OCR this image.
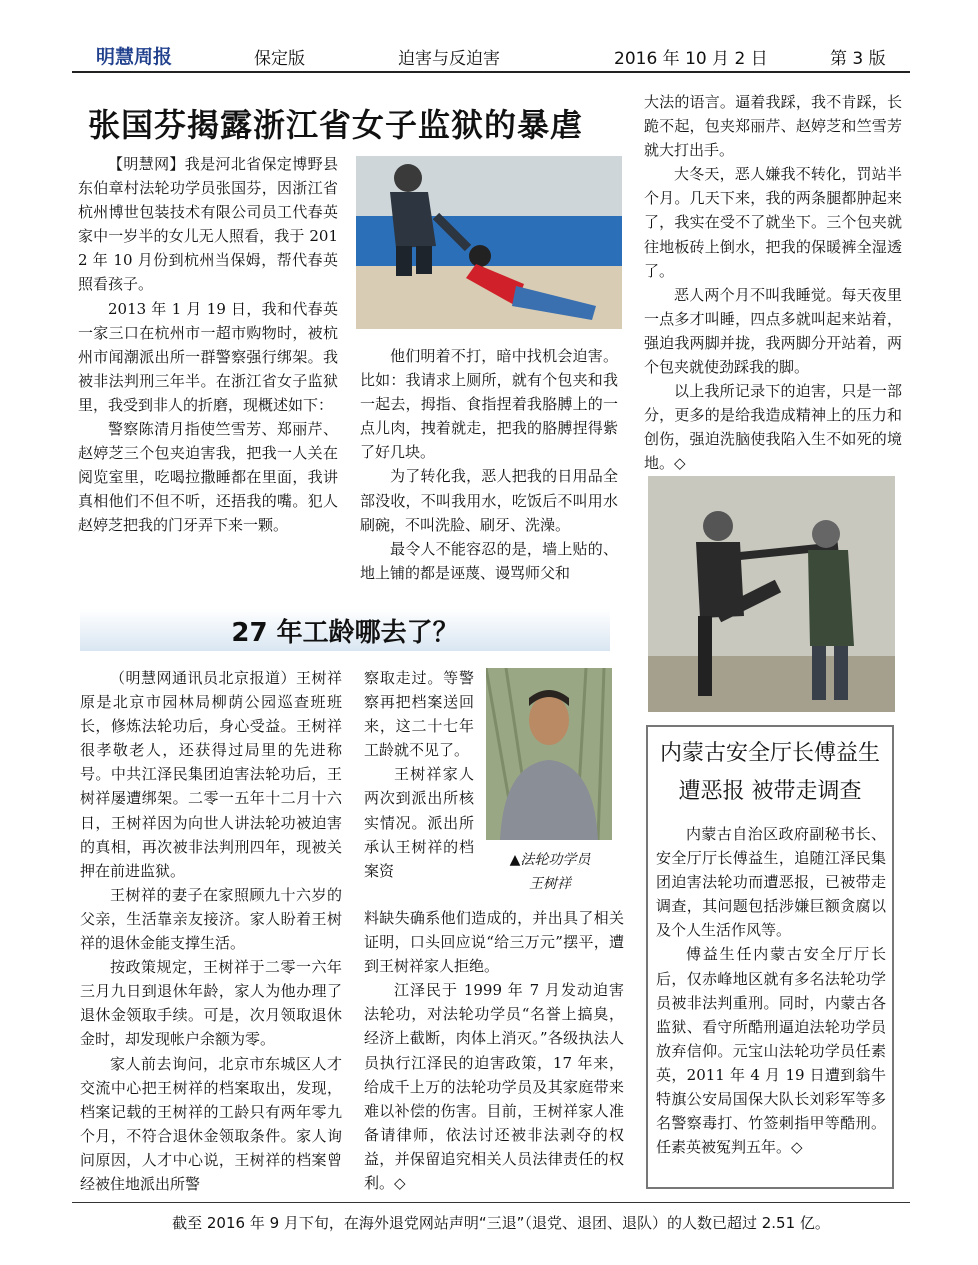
明慧周报	保定版	迫害与反迫害	2016 年 10 月 2 日	第 3 版
张国芬揭露浙江省女子监狱的暴虐

【明慧网】我是河北省保定博野县东伯章村法轮功学员张国芬，因浙江省杭州博世包装技术有限公司员工代春英家中一岁半的女儿无人照看，我于 2012 年 10 月份到杭州当保姆，帮代春英照看孩子。

2013 年 1 月 19 日，我和代春英一家三口在杭州市一超市购物时，被杭州市闻潮派出所一群警察强行绑架。我被非法判刑三年半。在浙江省女子监狱里，我受到非人的折磨，现概述如下：

警察陈清月指使竺雪芳、郑丽芹、赵婷芝三个包夹迫害我，把我一人关在阅览室里，吃喝拉撒睡都在里面，我讲真相他们不但不听，还捂我的嘴。犯人赵婷芝把我的门牙弄下来一颗。

他们明着不打，暗中找机会迫害。比如：我请求上厕所，就有个包夹和我一起去，拇指、食指捏着我胳膊上的一点儿肉，拽着就走，把我的胳膊捏得紫了好几块。

为了转化我，恶人把我的日用品全部没收，不叫我用水，吃饭后不叫用水刷碗，不叫洗脸、刷牙、洗澡。

最令人不能容忍的是，墙上贴的、地上铺的都是诬蔑、谩骂师父和

大法的语言。逼着我踩，我不肯踩，长跪不起，包夹郑丽芹、赵婷芝和竺雪芳就大打出手。

大冬天，恶人嫌我不转化，罚站半个月。几天下来，我的两条腿都肿起来了，我实在受不了就坐下。三个包夹就往地板砖上倒水，把我的保暖裤全湿透了。

恶人两个月不叫我睡觉。每天夜里一点多才叫睡，四点多就叫起来站着，强迫我两脚并拢，我两脚分开站着，两个包夹就使劲踩我的脚。

以上我所记录下的迫害，只是一部分，更多的是给我造成精神上的压力和创伤，强迫洗脑使我陷入生不如死的境地。◇

27 年工龄哪去了？

（明慧网通讯员北京报道）王树祥原是北京市园林局柳荫公园巡查班班长，修炼法轮功后，身心受益。王树祥很孝敬老人，还获得过局里的先进称号。中共江泽民集团迫害法轮功后，王树祥屡遭绑架。二零一五年十二月十六日，王树祥因为向世人讲法轮功被迫害的真相，再次被非法判刑四年，现被关押在前进监狱。

王树祥的妻子在家照顾九十六岁的父亲，生活靠亲友接济。家人盼着王树祥的退休金能支撑生活。

按政策规定，王树祥于二零一六年三月九日到退休年龄，家人为他办理了退休金领取手续。可是，次月领取退休金时，却发现帐户余额为零。

家人前去询问，北京市东城区人才交流中心把王树祥的档案取出，发现，档案记载的王树祥的工龄只有两年零九个月，不符合退休金领取条件。家人询问原因，人才中心说，王树祥的档案曾经被住地派出所警

察取走过。等警察再把档案送回来，这二十七年工龄就不见了。

王树祥家人两次到派出所核实情况。派出所承认王树祥的档案资

▲法轮功学员
王树祥

料缺失确系他们造成的，并出具了相关证明，口头回应说“给三万元”摆平，遭到王树祥家人拒绝。

江泽民于 1999 年 7 月发动迫害法轮功，对法轮功学员“名誉上搞臭，经济上截断，肉体上消灭。”各级执法人员执行江泽民的迫害政策，17 年来，给成千上万的法轮功学员及其家庭带来难以补偿的伤害。目前，王树祥家人准备请律师，依法讨还被非法剥夺的权益，并保留追究相关人员法律责任的权利。◇

内蒙古安全厅长傅益生
遭恶报 被带走调查

内蒙古自治区政府副秘书长、安全厅厅长傅益生，追随江泽民集团迫害法轮功而遭恶报，已被带走调查，其问题包括涉嫌巨额贪腐以及个人生活作风等。

傅益生任内蒙古安全厅厅长后，仅赤峰地区就有多名法轮功学员被非法判重刑。同时，内蒙古各监狱、看守所酷刑逼迫法轮功学员放弃信仰。元宝山法轮功学员任素英，2011 年 4 月 19 日遭到翁牛特旗公安局国保大队长刘彩军等多名警察毒打、竹签刺指甲等酷刑。任素英被冤判五年。◇

截至 2016 年 9 月下旬，在海外退党网站声明“三退”（退党、退团、退队）的人数已超过 2.51 亿。
